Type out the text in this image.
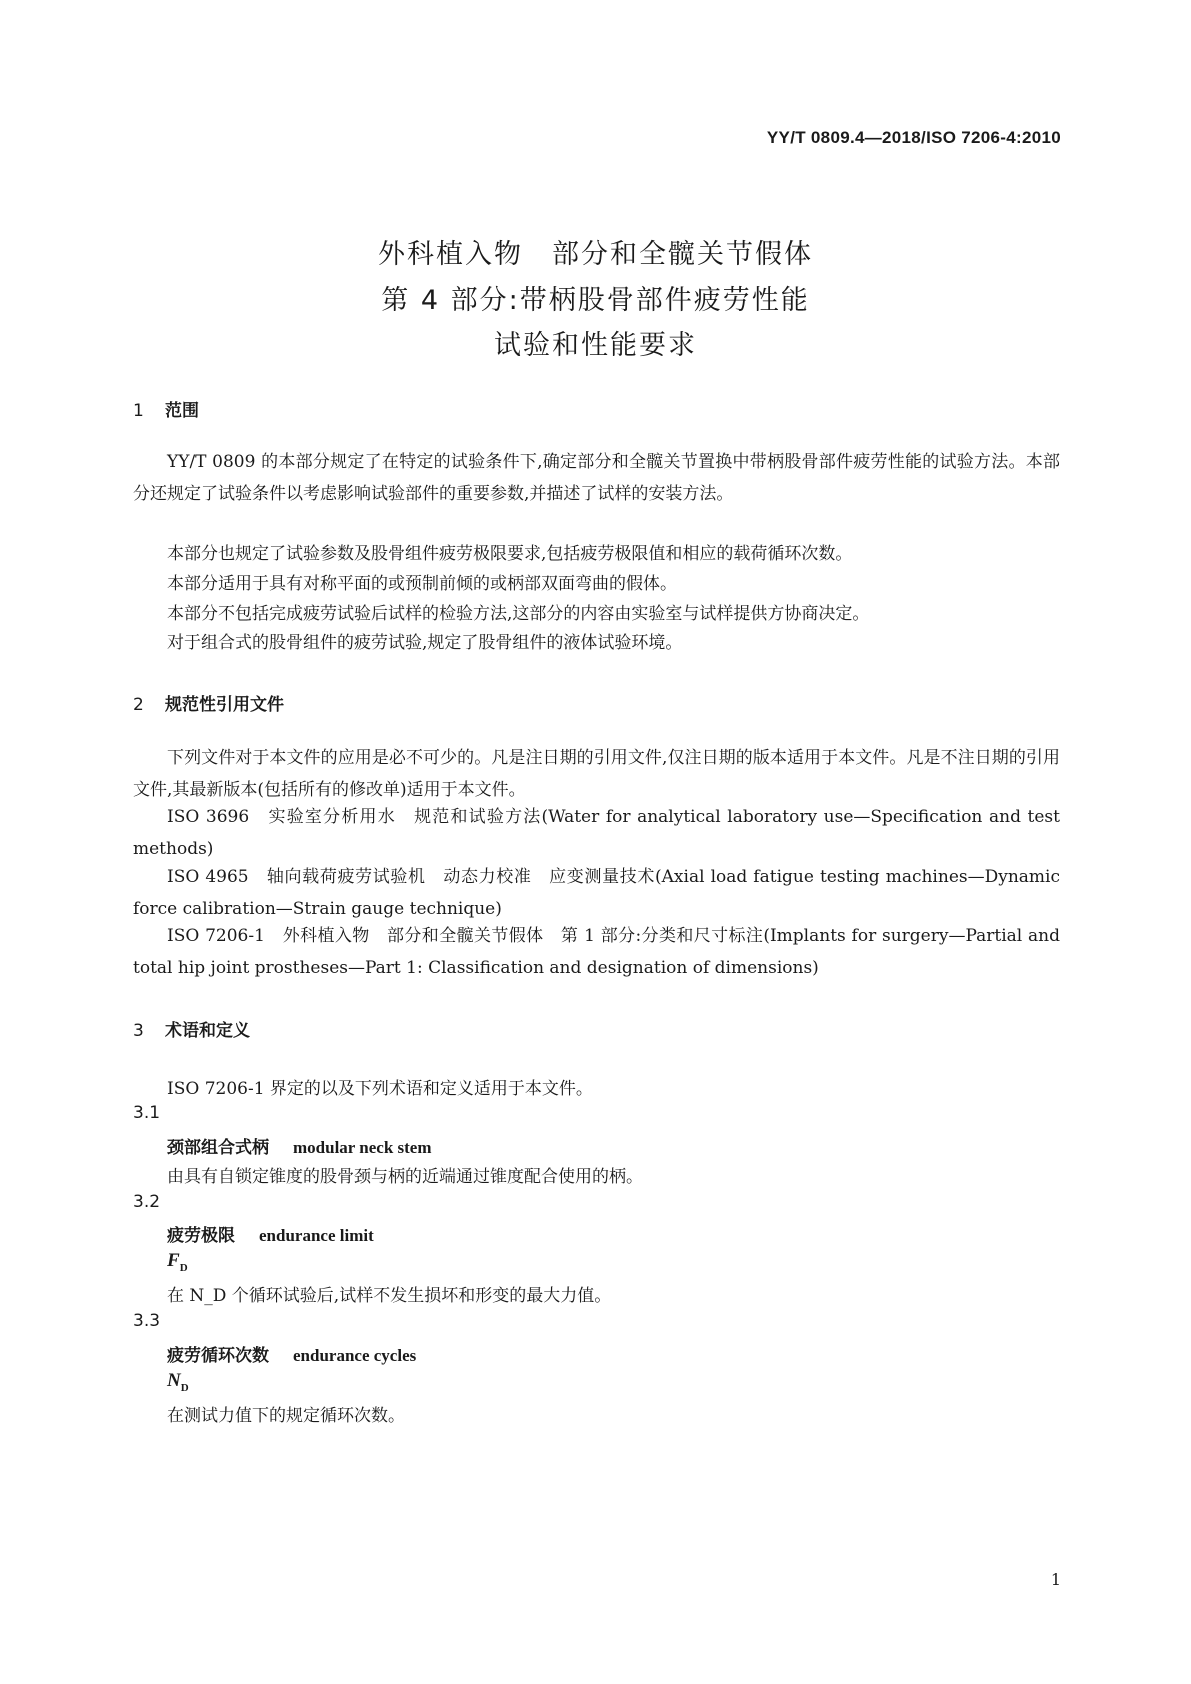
YY/T 0809.4—2018/ISO 7206-4:2010
外科植入物　部分和全髋关节假体
第 4 部分:带柄股骨部件疲劳性能
试验和性能要求
1 范围
YY/T 0809 的本部分规定了在特定的试验条件下,确定部分和全髋关节置换中带柄股骨部件疲劳性能的试验方法。本部分还规定了试验条件以考虑影响试验部件的重要参数,并描述了试样的安装方法。
本部分也规定了试验参数及股骨组件疲劳极限要求,包括疲劳极限值和相应的载荷循环次数。
本部分适用于具有对称平面的或预制前倾的或柄部双面弯曲的假体。
本部分不包括完成疲劳试验后试样的检验方法,这部分的内容由实验室与试样提供方协商决定。
对于组合式的股骨组件的疲劳试验,规定了股骨组件的液体试验环境。
2 规范性引用文件
下列文件对于本文件的应用是必不可少的。凡是注日期的引用文件,仅注日期的版本适用于本文件。凡是不注日期的引用文件,其最新版本(包括所有的修改单)适用于本文件。
ISO 3696　实验室分析用水　规范和试验方法(Water for analytical laboratory use—Specification and test methods)
ISO 4965　轴向载荷疲劳试验机　动态力校准　应变测量技术(Axial load fatigue testing machines—Dynamic force calibration—Strain gauge technique)
ISO 7206-1　外科植入物　部分和全髋关节假体　第 1 部分:分类和尺寸标注(Implants for surgery—Partial and total hip joint prostheses—Part 1: Classification and designation of dimensions)
3 术语和定义
ISO 7206-1 界定的以及下列术语和定义适用于本文件。
3.1
颈部组合式柄 modular neck stem
由具有自锁定锥度的股骨颈与柄的近端通过锥度配合使用的柄。
3.2
疲劳极限 endurance limit
$F_D$
在 N_D 个循环试验后,试样不发生损坏和形变的最大力值。
3.3
疲劳循环次数 endurance cycles
$N_D$
在测试力值下的规定循环次数。
1
